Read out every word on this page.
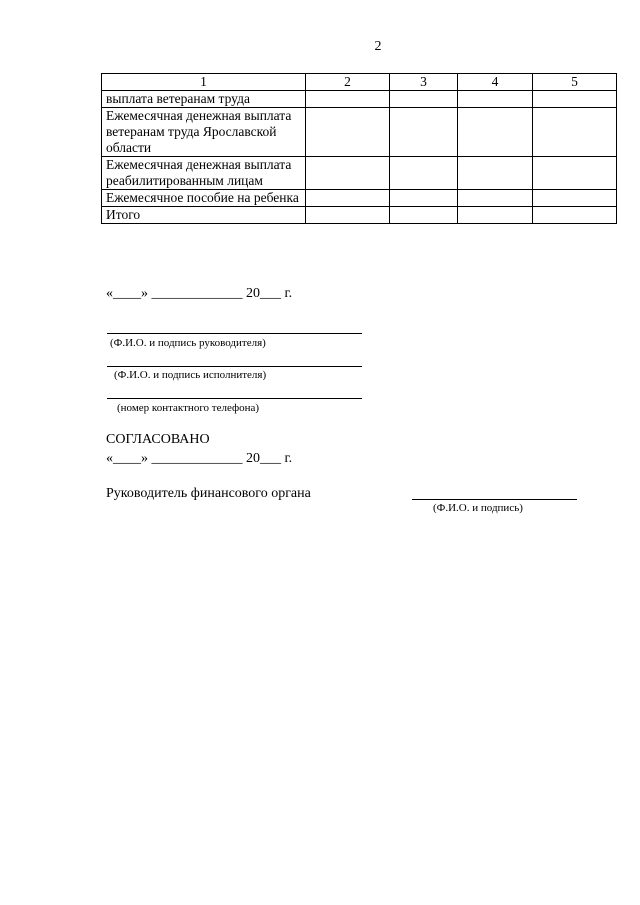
2
1	2	3	4	5
выплата ветеранам труда				
Ежемесячная денежная выплата ветеранам труда Ярославской области				
Ежемесячная денежная выплата реабилитированным лицам				
Ежемесячное пособие на ребенка				
Итого				
«____» _____________ 20___ г.
(Ф.И.О. и подпись руководителя)
(Ф.И.О. и подпись исполнителя)
(номер контактного телефона)
СОГЛАСОВАНО
«____» _____________ 20___ г.
Руководитель финансового органа
(Ф.И.О. и подпись)
